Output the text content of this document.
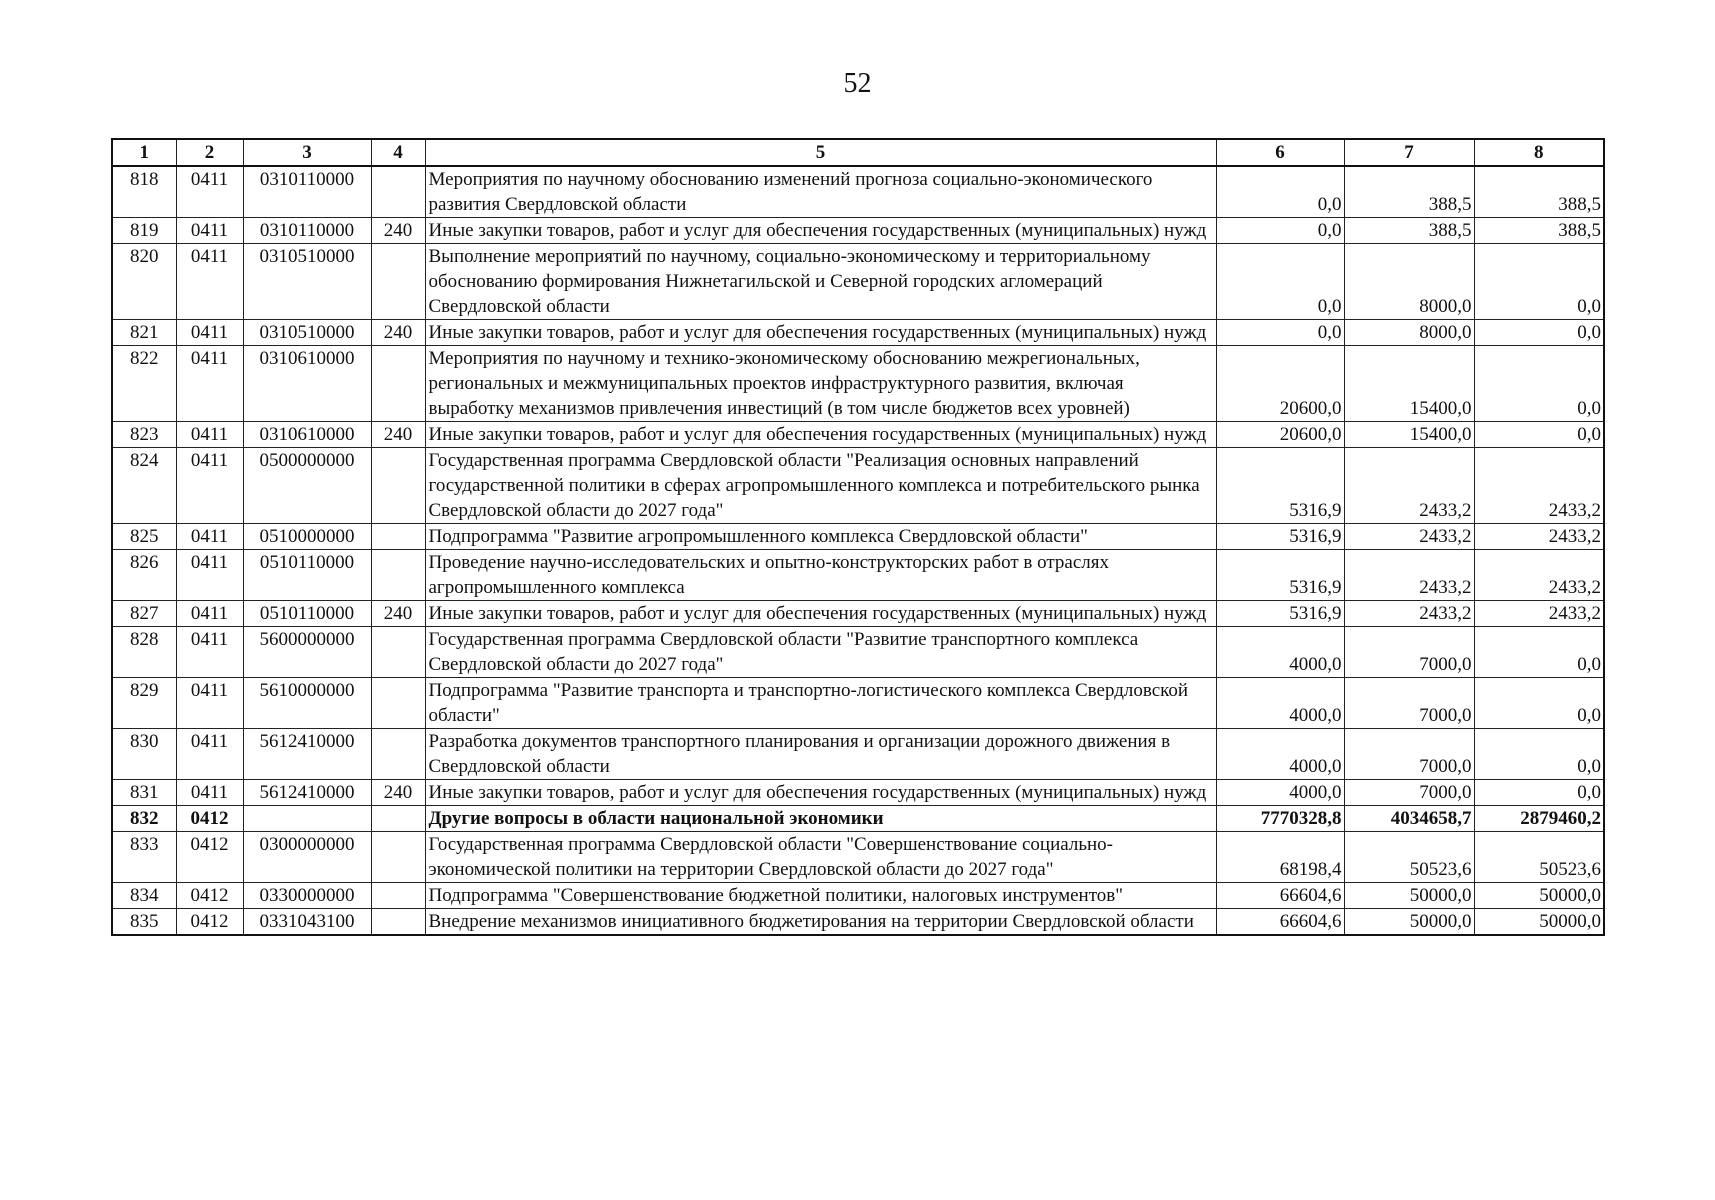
52
1	2	3	4	5	6	7	8
818	0411	0310110000		Мероприятия по научному обоснованию изменений прогноза социально-экономического развития Свердловской области	0,0	388,5	388,5
819	0411	0310110000	240	Иные закупки товаров, работ и услуг для обеспечения государственных (муниципальных) нужд	0,0	388,5	388,5
820	0411	0310510000		Выполнение мероприятий по научному, социально-экономическому и территориальному обоснованию формирования Нижнетагильской и Северной городских агломераций Свердловской области	0,0	8000,0	0,0
821	0411	0310510000	240	Иные закупки товаров, работ и услуг для обеспечения государственных (муниципальных) нужд	0,0	8000,0	0,0
822	0411	0310610000		Мероприятия по научному и технико-экономическому обоснованию межрегиональных, региональных и межмуниципальных проектов инфраструктурного развития, включая выработку механизмов привлечения инвестиций (в том числе бюджетов всех уровней)	20600,0	15400,0	0,0
823	0411	0310610000	240	Иные закупки товаров, работ и услуг для обеспечения государственных (муниципальных) нужд	20600,0	15400,0	0,0
824	0411	0500000000		Государственная программа Свердловской области "Реализация основных направлений государственной политики в сферах агропромышленного комплекса и потребительского рынка Свердловской области до 2027 года"	5316,9	2433,2	2433,2
825	0411	0510000000		Подпрограмма "Развитие агропромышленного комплекса Свердловской области"	5316,9	2433,2	2433,2
826	0411	0510110000		Проведение научно-исследовательских и опытно-конструкторских работ в отраслях агропромышленного комплекса	5316,9	2433,2	2433,2
827	0411	0510110000	240	Иные закупки товаров, работ и услуг для обеспечения государственных (муниципальных) нужд	5316,9	2433,2	2433,2
828	0411	5600000000		Государственная программа Свердловской области "Развитие транспортного комплекса Свердловской области до 2027 года"	4000,0	7000,0	0,0
829	0411	5610000000		Подпрограмма "Развитие транспорта и транспортно-логистического комплекса Свердловской области"	4000,0	7000,0	0,0
830	0411	5612410000		Разработка документов транспортного планирования и организации дорожного движения в Свердловской области	4000,0	7000,0	0,0
831	0411	5612410000	240	Иные закупки товаров, работ и услуг для обеспечения государственных (муниципальных) нужд	4000,0	7000,0	0,0
832	0412			Другие вопросы в области национальной экономики	7770328,8	4034658,7	2879460,2
833	0412	0300000000		Государственная программа Свердловской области "Совершенствование социально-экономической политики на территории Свердловской области до 2027 года"	68198,4	50523,6	50523,6
834	0412	0330000000		Подпрограмма "Совершенствование бюджетной политики, налоговых инструментов"	66604,6	50000,0	50000,0
835	0412	0331043100		Внедрение механизмов инициативного бюджетирования на территории Свердловской области	66604,6	50000,0	50000,0
